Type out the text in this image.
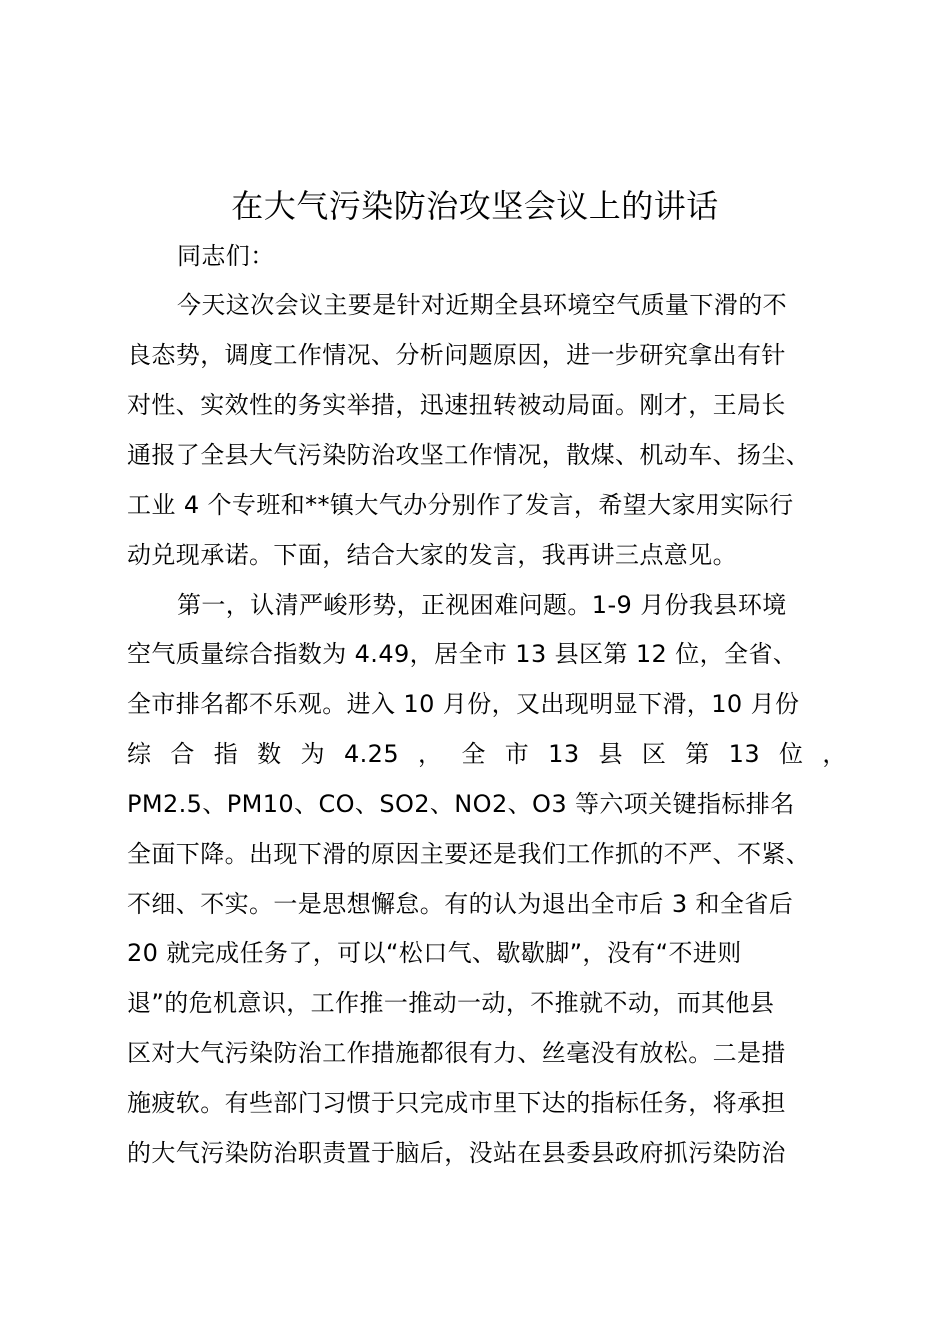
在大气污染防治攻坚会议上的讲话
同志们：
今天这次会议主要是针对近期全县环境空气质量下滑的不
良态势，调度工作情况、分析问题原因，进一步研究拿出有针
对性、实效性的务实举措，迅速扭转被动局面。刚才，王局长
通报了全县大气污染防治攻坚工作情况，散煤、机动车、扬尘、
工业 4 个专班和**镇大气办分别作了发言，希望大家用实际行
动兑现承诺。下面，结合大家的发言，我再讲三点意见。
第一，认清严峻形势，正视困难问题。1-9 月份我县环境
空气质量综合指数为 4.49，居全市 13 县区第 12 位，全省、
全市排名都不乐观。进入 10 月份，又出现明显下滑，10 月份
综 合 指 数 为 4.25 ， 全 市 13 县 区 第 13 位 ，
PM2.5、PM10、CO、SO2、NO2、O3 等六项关键指标排名
全面下降。出现下滑的原因主要还是我们工作抓的不严、不紧、
不细、不实。一是思想懈怠。有的认为退出全市后 3 和全省后
20 就完成任务了，可以“松口气、歇歇脚”，没有“不进则
退”的危机意识，工作推一推动一动，不推就不动，而其他县
区对大气污染防治工作措施都很有力、丝毫没有放松。二是措
施疲软。有些部门习惯于只完成市里下达的指标任务，将承担
的大气污染防治职责置于脑后，没站在县委县政府抓污染防治
